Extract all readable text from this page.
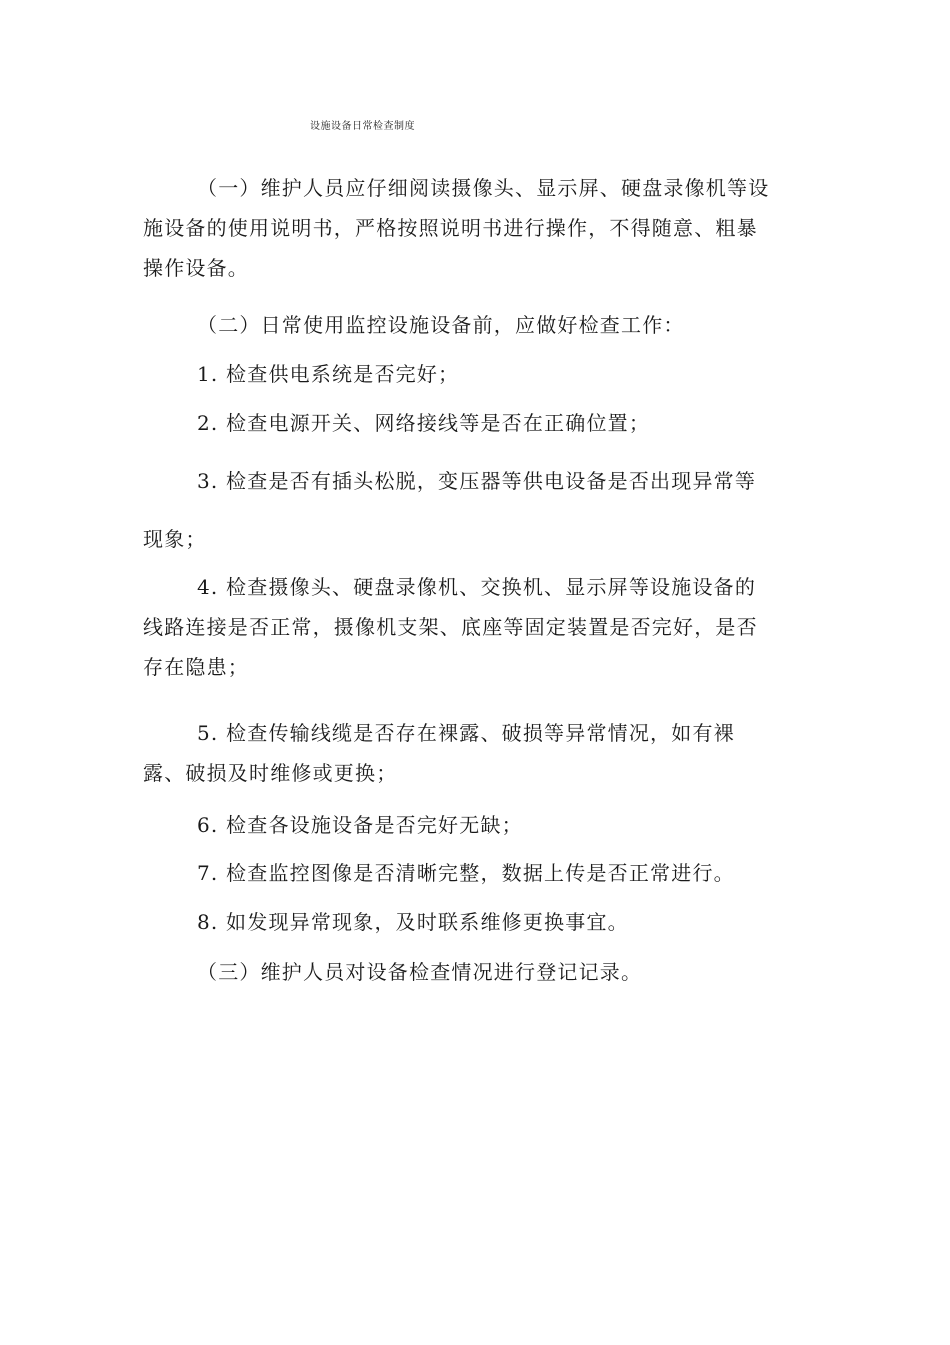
设施设备日常检查制度

（一）维护人员应仔细阅读摄像头、显示屏、硬盘录像机等设施设备的使用说明书，严格按照说明书进行操作，不得随意、粗暴操作设备。

（二）日常使用监控设施设备前，应做好检查工作：

1. 检查供电系统是否完好；

2. 检查电源开关、网络接线等是否在正确位置；

3. 检查是否有插头松脱，变压器等供电设备是否出现异常等现象；

4. 检查摄像头、硬盘录像机、交换机、显示屏等设施设备的线路连接是否正常，摄像机支架、底座等固定装置是否完好，是否存在隐患；

5. 检查传输线缆是否存在裸露、破损等异常情况，如有裸露、破损及时维修或更换；

6. 检查各设施设备是否完好无缺；

7. 检查监控图像是否清晰完整，数据上传是否正常进行。

8. 如发现异常现象，及时联系维修更换事宜。

（三）维护人员对设备检查情况进行登记记录。
